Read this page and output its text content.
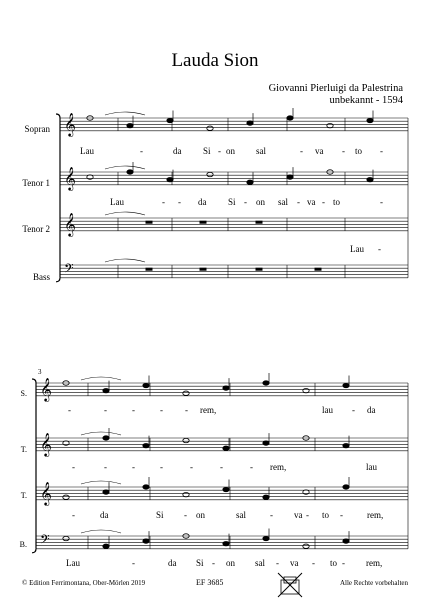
Lauda Sion
Giovanni Pierluigi da Palestrina
unbekannt - 1594
Sopran
Tenor 1
Tenor 2
Bass
S.
T.
T.
B.
3
𝄞
𝄞
𝄞
𝄢
𝄞
𝄞
𝄞
𝄢
Lau	-	da Si - on sal	- va - to -
Lau	- - da Si - on sal - va - to	-
Lau -
-	-	-	- - rem,	lau - da
-	-	-	-	-	-	- rem,	lau
-	da	Si - on	sal	- va - to -	rem,
Lau	-	da Si - on sal - va - to - rem,
© Edition Ferrimontana, Ober-Mörlen 2019	EF 3685	Alle Rechte vorbehalten
